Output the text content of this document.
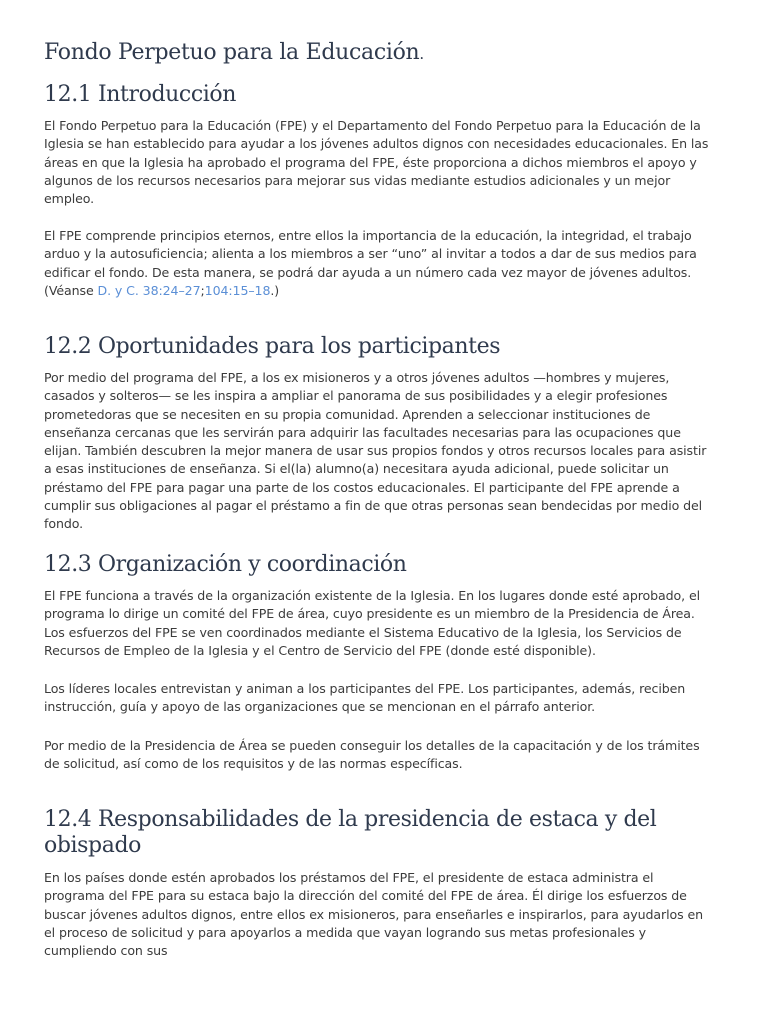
Fondo Perpetuo para la Educación.
12.1 Introducción

El Fondo Perpetuo para la Educación (FPE) y el Departamento del Fondo Perpetuo para la Educación de la Iglesia se han establecido para ayudar a los jóvenes adultos dignos con necesidades educacionales. En las áreas en que la Iglesia ha aprobado el programa del FPE, éste proporciona a dichos miembros el apoyo y algunos de los recursos necesarios para mejorar sus vidas mediante estudios adicionales y un mejor empleo.

El FPE comprende principios eternos, entre ellos la importancia de la educación, la integridad, el trabajo arduo y la autosuficiencia; alienta a los miembros a ser “uno” al invitar a todos a dar de sus medios para edificar el fondo. De esta manera, se podrá dar ayuda a un número cada vez mayor de jóvenes adultos. (Véanse D. y C. 38:24–27;104:15–18.)

12.2 Oportunidades para los participantes

Por medio del programa del FPE, a los ex misioneros y a otros jóvenes adultos —hombres y mujeres, casados y solteros— se les inspira a ampliar el panorama de sus posibilidades y a elegir profesiones prometedoras que se necesiten en su propia comunidad. Aprenden a seleccionar instituciones de enseñanza cercanas que les servirán para adquirir las facultades necesarias para las ocupaciones que elijan. También descubren la mejor manera de usar sus propios fondos y otros recursos locales para asistir a esas instituciones de enseñanza. Si el(la) alumno(a) necesitara ayuda adicional, puede solicitar un préstamo del FPE para pagar una parte de los costos educacionales. El participante del FPE aprende a cumplir sus obligaciones al pagar el préstamo a fin de que otras personas sean bendecidas por medio del fondo.

12.3 Organización y coordinación

El FPE funciona a través de la organización existente de la Iglesia. En los lugares donde esté aprobado, el programa lo dirige un comité del FPE de área, cuyo presidente es un miembro de la Presidencia de Área. Los esfuerzos del FPE se ven coordinados mediante el Sistema Educativo de la Iglesia, los Servicios de Recursos de Empleo de la Iglesia y el Centro de Servicio del FPE (donde esté disponible).

Los líderes locales entrevistan y animan a los participantes del FPE. Los participantes, además, reciben instrucción, guía y apoyo de las organizaciones que se mencionan en el párrafo anterior.

Por medio de la Presidencia de Área se pueden conseguir los detalles de la capacitación y de los trámites de solicitud, así como de los requisitos y de las normas específicas.

12.4 Responsabilidades de la presidencia de estaca y del obispado

En los países donde estén aprobados los préstamos del FPE, el presidente de estaca administra el programa del FPE para su estaca bajo la dirección del comité del FPE de área. Él dirige los esfuerzos de buscar jóvenes adultos dignos, entre ellos ex misioneros, para enseñarles e inspirarlos, para ayudarlos en el proceso de solicitud y para apoyarlos a medida que vayan logrando sus metas profesionales y cumpliendo con sus
